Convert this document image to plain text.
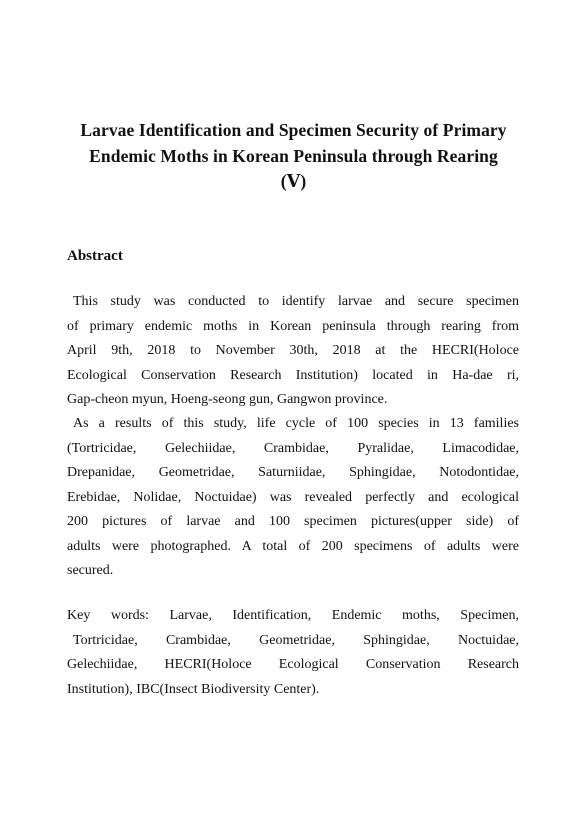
Larvae Identification and Specimen Security of Primary
Endemic Moths in Korean Peninsula through Rearing
(Ⅴ)
Abstract
This study was conducted to identify larvae and secure specimen
of primary endemic moths in Korean peninsula through rearing from
April 9th, 2018 to November 30th, 2018 at the HECRI(Holoce
Ecological Conservation Research Institution) located in Ha-dae ri,
Gap-cheon myun, Hoeng-seong gun, Gangwon province.
As a results of this study, life cycle of 100 species in 13 families
(Tortricidae, Gelechiidae, Crambidae, Pyralidae, Limacodidae,
Drepanidae, Geometridae, Saturniidae, Sphingidae, Notodontidae,
Erebidae, Nolidae, Noctuidae) was revealed perfectly and ecological
200 pictures of larvae and 100 specimen pictures(upper side) of
adults were photographed. A total of 200 specimens of adults were
secured.
Key words: Larvae, Identification, Endemic moths, Specimen,
Tortricidae, Crambidae, Geometridae, Sphingidae, Noctuidae,
Gelechiidae, HECRI(Holoce Ecological Conservation Research
Institution), IBC(Insect Biodiversity Center).
